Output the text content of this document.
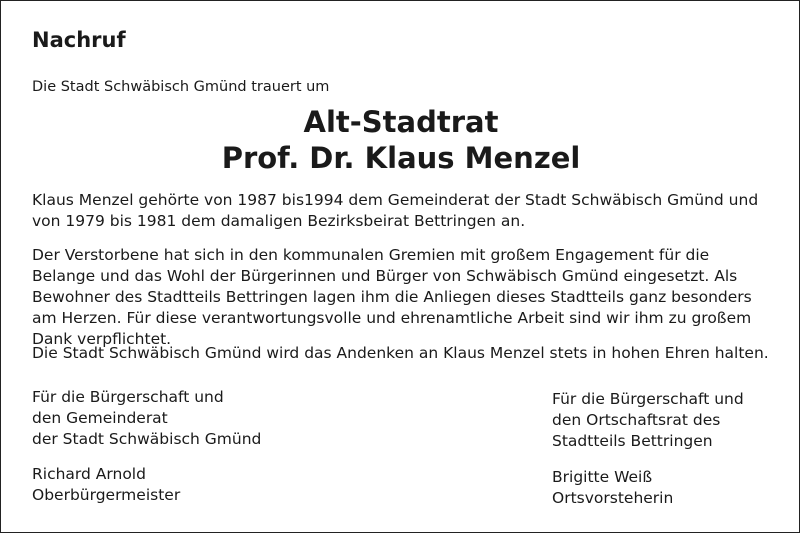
Nachruf
Die Stadt Schwäbisch Gmünd trauert um
Alt-Stadtrat
Prof. Dr. Klaus Menzel
Klaus Menzel gehörte von 1987 bis1994 dem Gemeinderat der Stadt Schwäbisch Gmünd und von 1979 bis 1981 dem damaligen Bezirksbeirat Bettringen an.
Der Verstorbene hat sich in den kommunalen Gremien mit großem Engagement für die Belange und das Wohl der Bürgerinnen und Bürger von Schwäbisch Gmünd eingesetzt. Als Bewohner des Stadtteils Bettringen lagen ihm die Anliegen dieses Stadtteils ganz besonders am Herzen. Für diese verantwortungsvolle und ehrenamtliche Arbeit sind wir ihm zu großem Dank verpflichtet.
Die Stadt Schwäbisch Gmünd wird das Andenken an Klaus Menzel stets in hohen Ehren halten.
Für die Bürgerschaft und
den Gemeinderat
der Stadt Schwäbisch Gmünd
Richard Arnold
Oberbürgermeister
Für die Bürgerschaft und
den Ortschaftsrat des
Stadtteils Bettringen
Brigitte Weiß
Ortsvorsteherin
